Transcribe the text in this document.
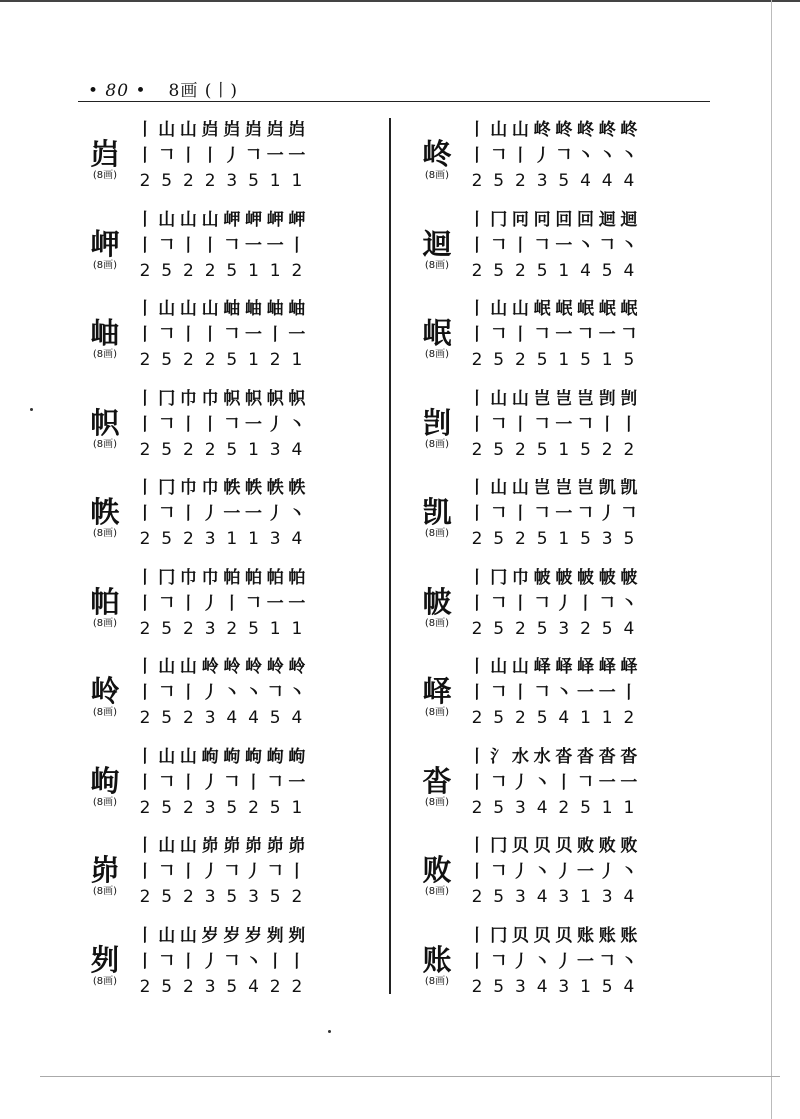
• 80 • 8画 (丨)
岿
(8画)
丨 山 山 岿 岿 岿 岿 岿
丨 𠃍 丨 丨 丿 𠃍 一 一
2 5 2 2 3 5 1 1
岬
(8画)
丨 山 山 山 岬 岬 岬 岬
丨 𠃍 丨 丨 𠃍 一 一 丨
2 5 2 2 5 1 1 2
岫
(8画)
丨 山 山 山 岫 岫 岫 岫
丨 𠃍 丨 丨 𠃍 一 丨 一
2 5 2 2 5 1 2 1
帜
(8画)
丨 冂 巾 巾 帜 帜 帜 帜
丨 𠃍 丨 丨 𠃍 一 丿 丶
2 5 2 2 5 1 3 4
帙
(8画)
丨 冂 巾 巾 帙 帙 帙 帙
丨 𠃍 丨 丿 一 一 丿 丶
2 5 2 3 1 1 3 4
帕
(8画)
丨 冂 巾 巾 帕 帕 帕 帕
丨 𠃍 丨 丿 丨 𠃍 一 一
2 5 2 3 2 5 1 1
岭
(8画)
丨 山 山 岭 岭 岭 岭 岭
丨 𠃍 丨 丿 丶 丶 𠃍 丶
2 5 2 3 4 4 5 4
岣
(8画)
丨 山 山 岣 岣 岣 岣 岣
丨 𠃍 丨 丿 𠃍 丨 𠃍 一
2 5 2 3 5 2 5 1
峁
(8画)
丨 山 山 峁 峁 峁 峁 峁
丨 𠃍 丨 丿 𠃍 丿 𠃍 丨
2 5 2 3 5 3 5 2
刿
(8画)
丨 山 山 岁 岁 岁 刿 刿
丨 𠃍 丨 丿 𠃍 丶 丨 丨
2 5 2 3 5 4 2 2
峂
(8画)
丨 山 山 峂 峂 峂 峂 峂
丨 𠃍 丨 丿 𠃍 丶 丶 丶
2 5 2 3 5 4 4 4
迴
(8画)
丨 冂 冋 冋 回 回 迴 迴
丨 𠃍 丨 𠃍 一 丶 𠃍 丶
2 5 2 5 1 4 5 4
岷
(8画)
丨 山 山 岷 岷 岷 岷 岷
丨 𠃍 丨 𠃍 一 𠃍 一 𠃍
2 5 2 5 1 5 1 5
剀
(8画)
丨 山 山 岂 岂 岂 剀 剀
丨 𠃍 丨 𠃍 一 𠃍 丨 丨
2 5 2 5 1 5 2 2
凯
(8画)
丨 山 山 岂 岂 岂 凯 凯
丨 𠃍 丨 𠃍 一 𠃍 丿 𠃍
2 5 2 5 1 5 3 5
帔
(8画)
丨 冂 巾 帔 帔 帔 帔 帔
丨 𠃍 丨 𠃍 丿 丨 𠃍 丶
2 5 2 5 3 2 5 4
峄
(8画)
丨 山 山 峄 峄 峄 峄 峄
丨 𠃍 丨 𠃍 丶 一 一 丨
2 5 2 5 4 1 1 2
沓
(8画)
丨 氵 水 水 沓 沓 沓 沓
丨 𠃍 丿 丶 丨 𠃍 一 一
2 5 3 4 2 5 1 1
败
(8画)
丨 冂 贝 贝 贝 败 败 败
丨 𠃍 丿 丶 丿 一 丿 丶
2 5 3 4 3 1 3 4
账
(8画)
丨 冂 贝 贝 贝 账 账 账
丨 𠃍 丿 丶 丿 一 𠃍 丶
2 5 3 4 3 1 5 4
